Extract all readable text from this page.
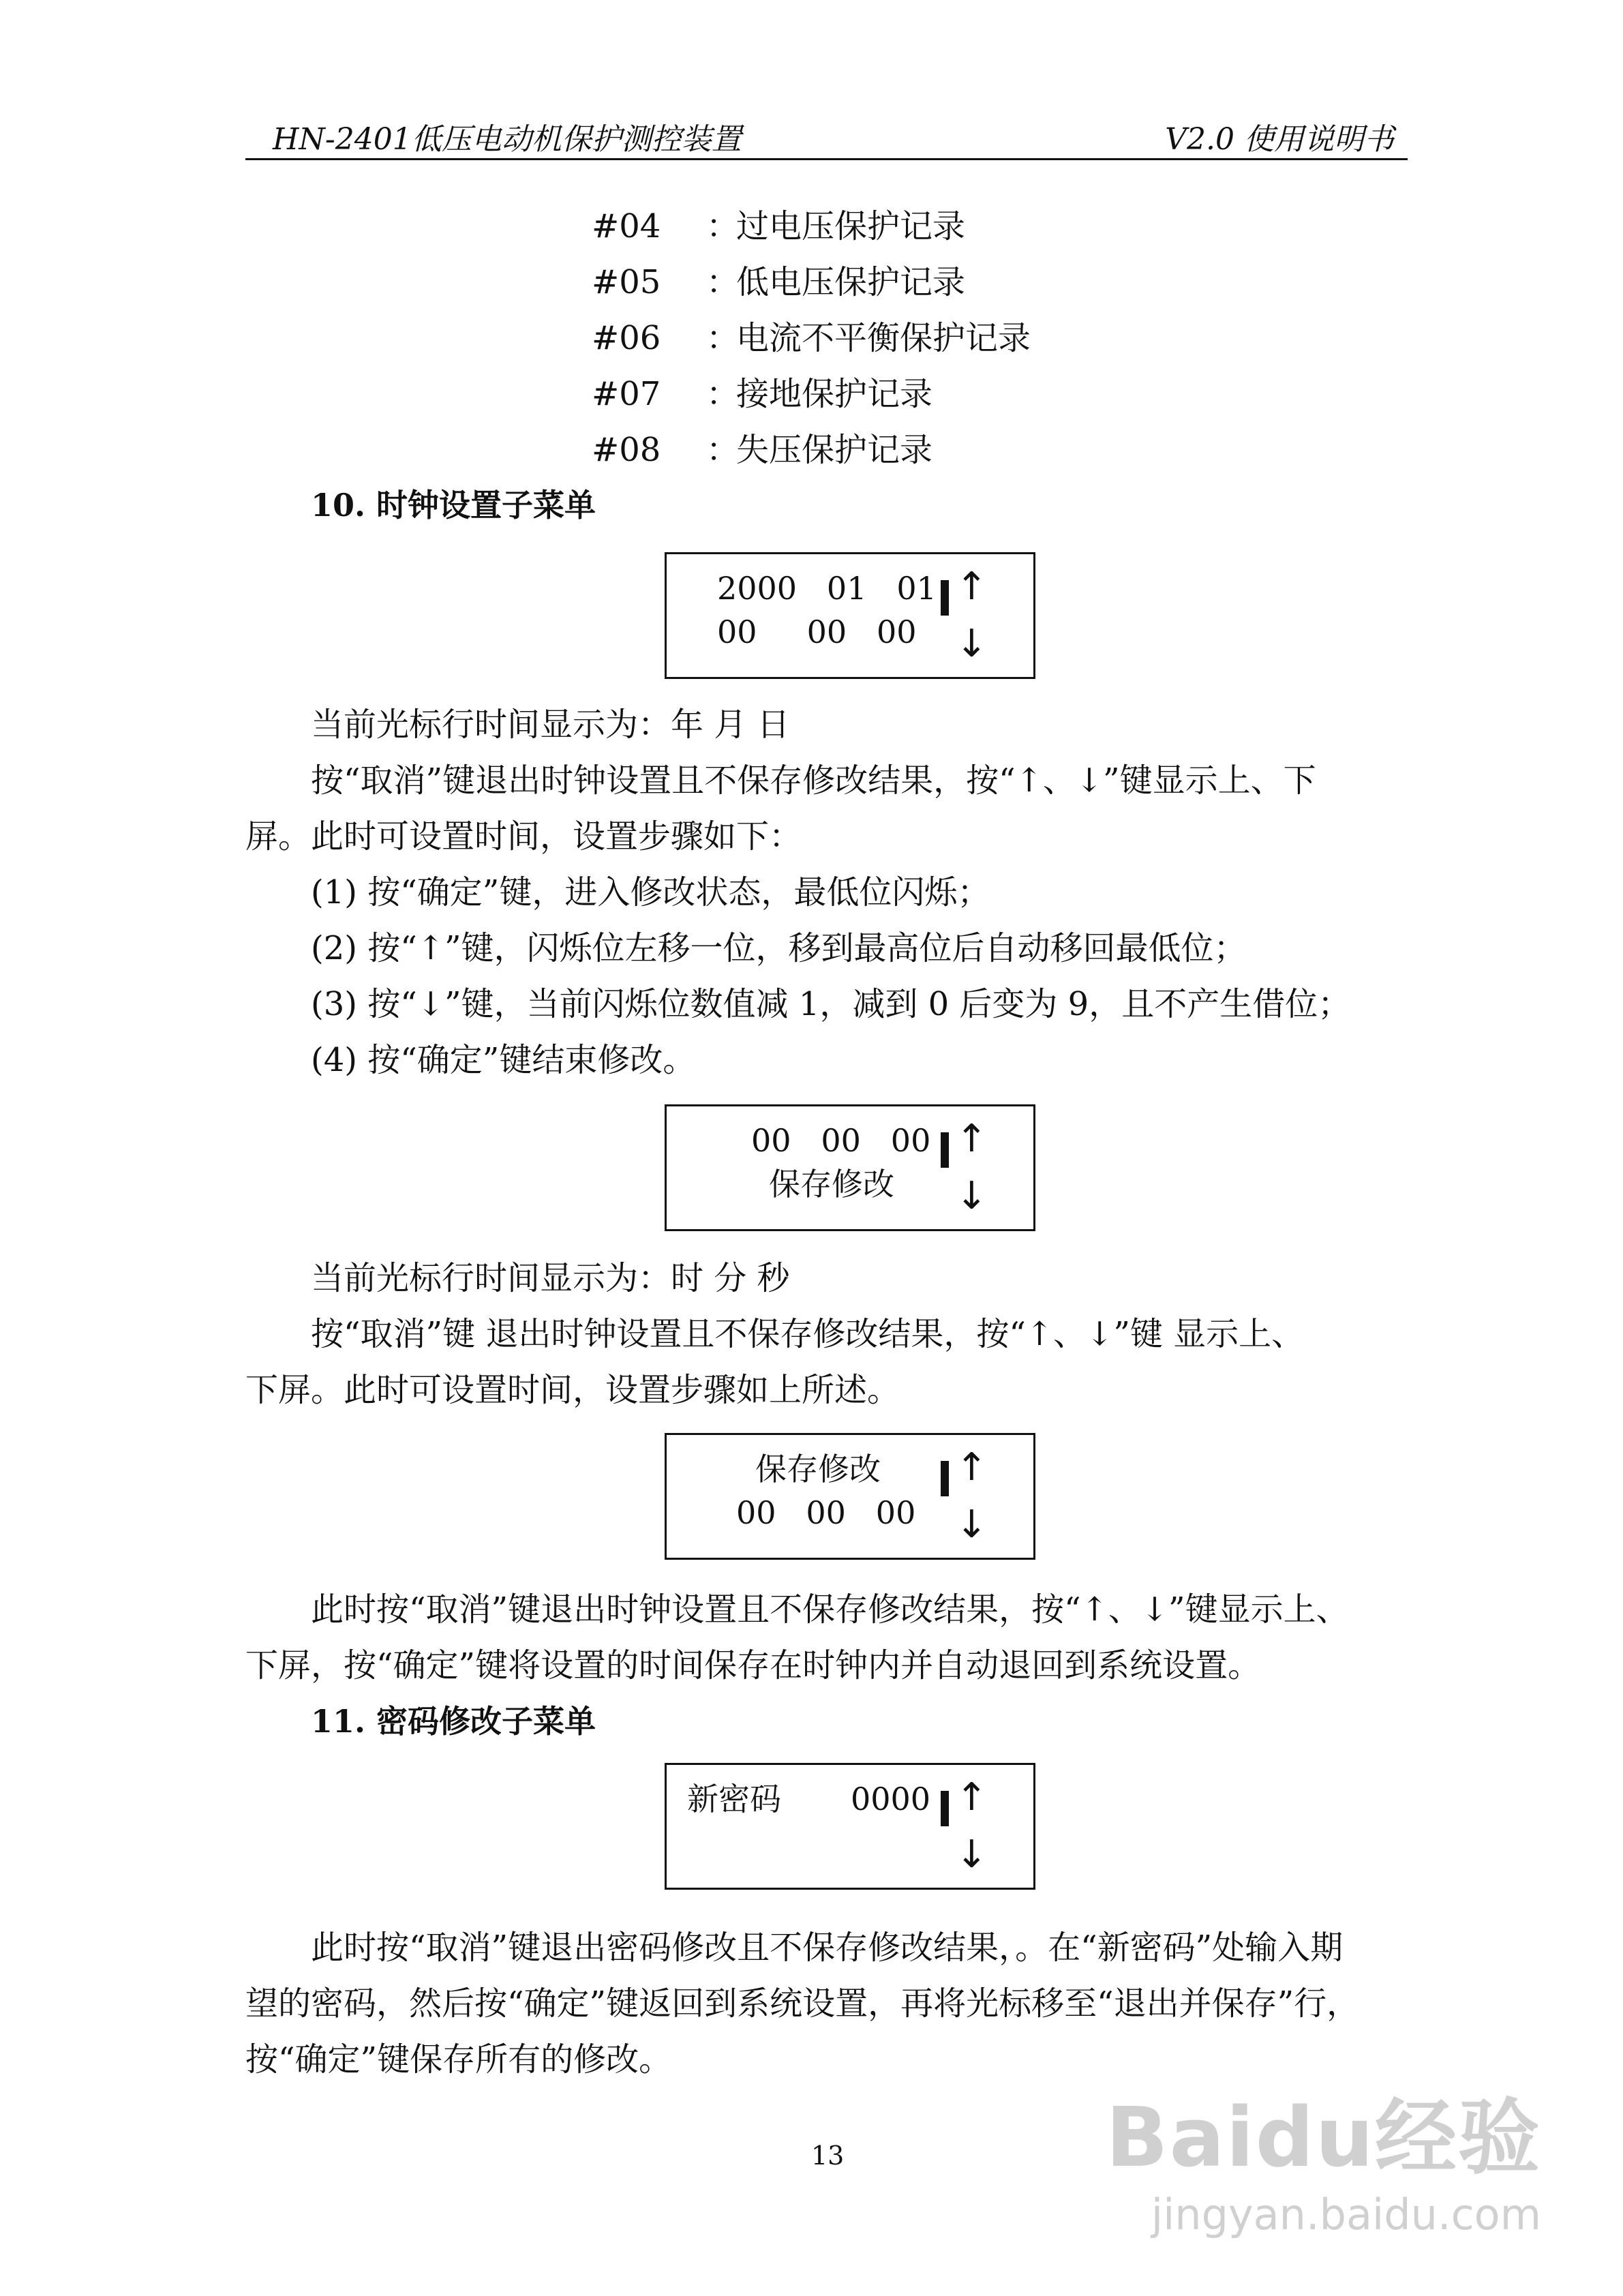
HN-2401低压电动机保护测控装置	V2.0 使用说明书
#04 ：
过电压保护记录
#05 ：
低电压保护记录
#06 ：
电流不平衡保护记录
#07 ：
接地保护记录
#08 ：
失压保护记录
10. 时钟设置子菜单
2000   01   01
00     00   00
↑
↓
当前光标行时间显示为：年 月 日
按“取消”键退出时钟设置且不保存修改结果，按“↑、↓”键显示上、下
屏。此时可设置时间，设置步骤如下：
(1) 按“确定”键，进入修改状态，最低位闪烁；
(2) 按“↑”键，闪烁位左移一位，移到最高位后自动移回最低位；
(3) 按“↓”键，当前闪烁位数值减 1，减到 0 后变为 9，且不产生借位；
(4) 按“确定”键结束修改。
00   00   00
保存修改
↑
↓
当前光标行时间显示为：时 分 秒
按“取消”键 退出时钟设置且不保存修改结果，按“↑、↓”键 显示上、
下屏。此时可设置时间，设置步骤如上所述。
保存修改
00   00   00
↑
↓
此时按“取消”键退出时钟设置且不保存修改结果，按“↑、↓”键显示上、
下屏，按“确定”键将设置的时间保存在时钟内并自动退回到系统设置。
11. 密码修改子菜单
新密码 0000 ↑
↓
此时按“取消”键退出密码修改且不保存修改结果，。在“新密码”处输入期
望的密码，然后按“确定”键返回到系统设置，再将光标移至“退出并保存”行，
按“确定”键保存所有的修改。
13	Baidu经验
jingyan.baidu.com
